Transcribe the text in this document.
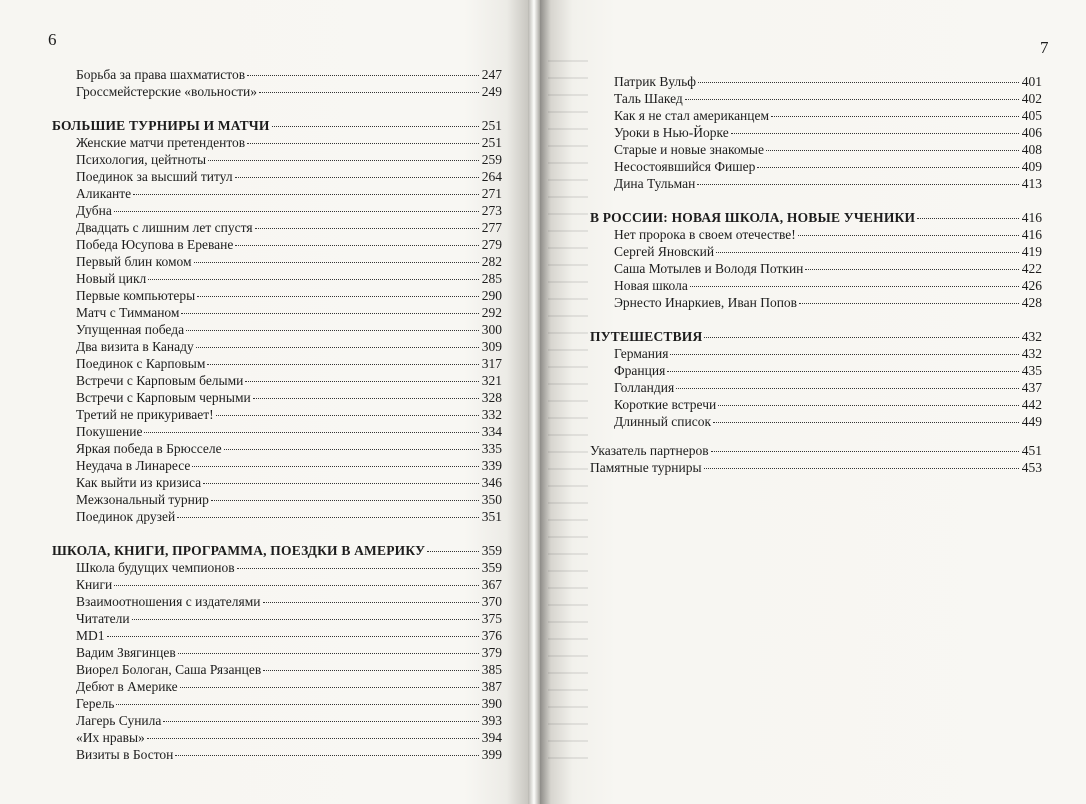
6
Борьба за права шахматистов	247
Гроссмейстерские «вольности»	249
БОЛЬШИЕ ТУРНИРЫ И МАТЧИ	251
Женские матчи претендентов	251
Психология, цейтноты	259
Поединок за высший титул	264
Аликанте	271
Дубна	273
Двадцать с лишним лет спустя	277
Победа Юсупова в Ереване	279
Первый блин комом	282
Новый цикл	285
Первые компьютеры	290
Матч с Тимманом	292
Упущенная победа	300
Два визита в Канаду	309
Поединок с Карповым	317
Встречи с Карповым белыми	321
Встречи с Карповым черными	328
Третий не прикуривает!	332
Покушение	334
Яркая победа в Брюсселе	335
Неудача в Линаресе	339
Как выйти из кризиса	346
Межзональный турнир	350
Поединок друзей	351
ШКОЛА, КНИГИ, ПРОГРАММА, ПОЕЗДКИ В АМЕРИКУ	359
Школа будущих чемпионов	359
Книги	367
Взаимоотношения с издателями	370
Читатели	375
MD1	376
Вадим Звягинцев	379
Виорел Бологан, Саша Рязанцев	385
Дебют в Америке	387
Герель	390
Лагерь Сунила	393
«Их нравы»	394
Визиты в Бостон	399
7
Патрик Вульф	401
Таль Шакед	402
Как я не стал американцем	405
Уроки в Нью-Йорке	406
Старые и новые знакомые	408
Несостоявшийся Фишер	409
Дина Тульман	413
В РОССИИ: НОВАЯ ШКОЛА, НОВЫЕ УЧЕНИКИ	416
Нет пророка в своем отечестве!	416
Сергей Яновский	419
Саша Мотылев и Володя Поткин	422
Новая школа	426
Эрнесто Инаркиев, Иван Попов	428
ПУТЕШЕСТВИЯ	432
Германия	432
Франция	435
Голландия	437
Короткие встречи	442
Длинный список	449
Указатель партнеров	451
Памятные турниры	453
